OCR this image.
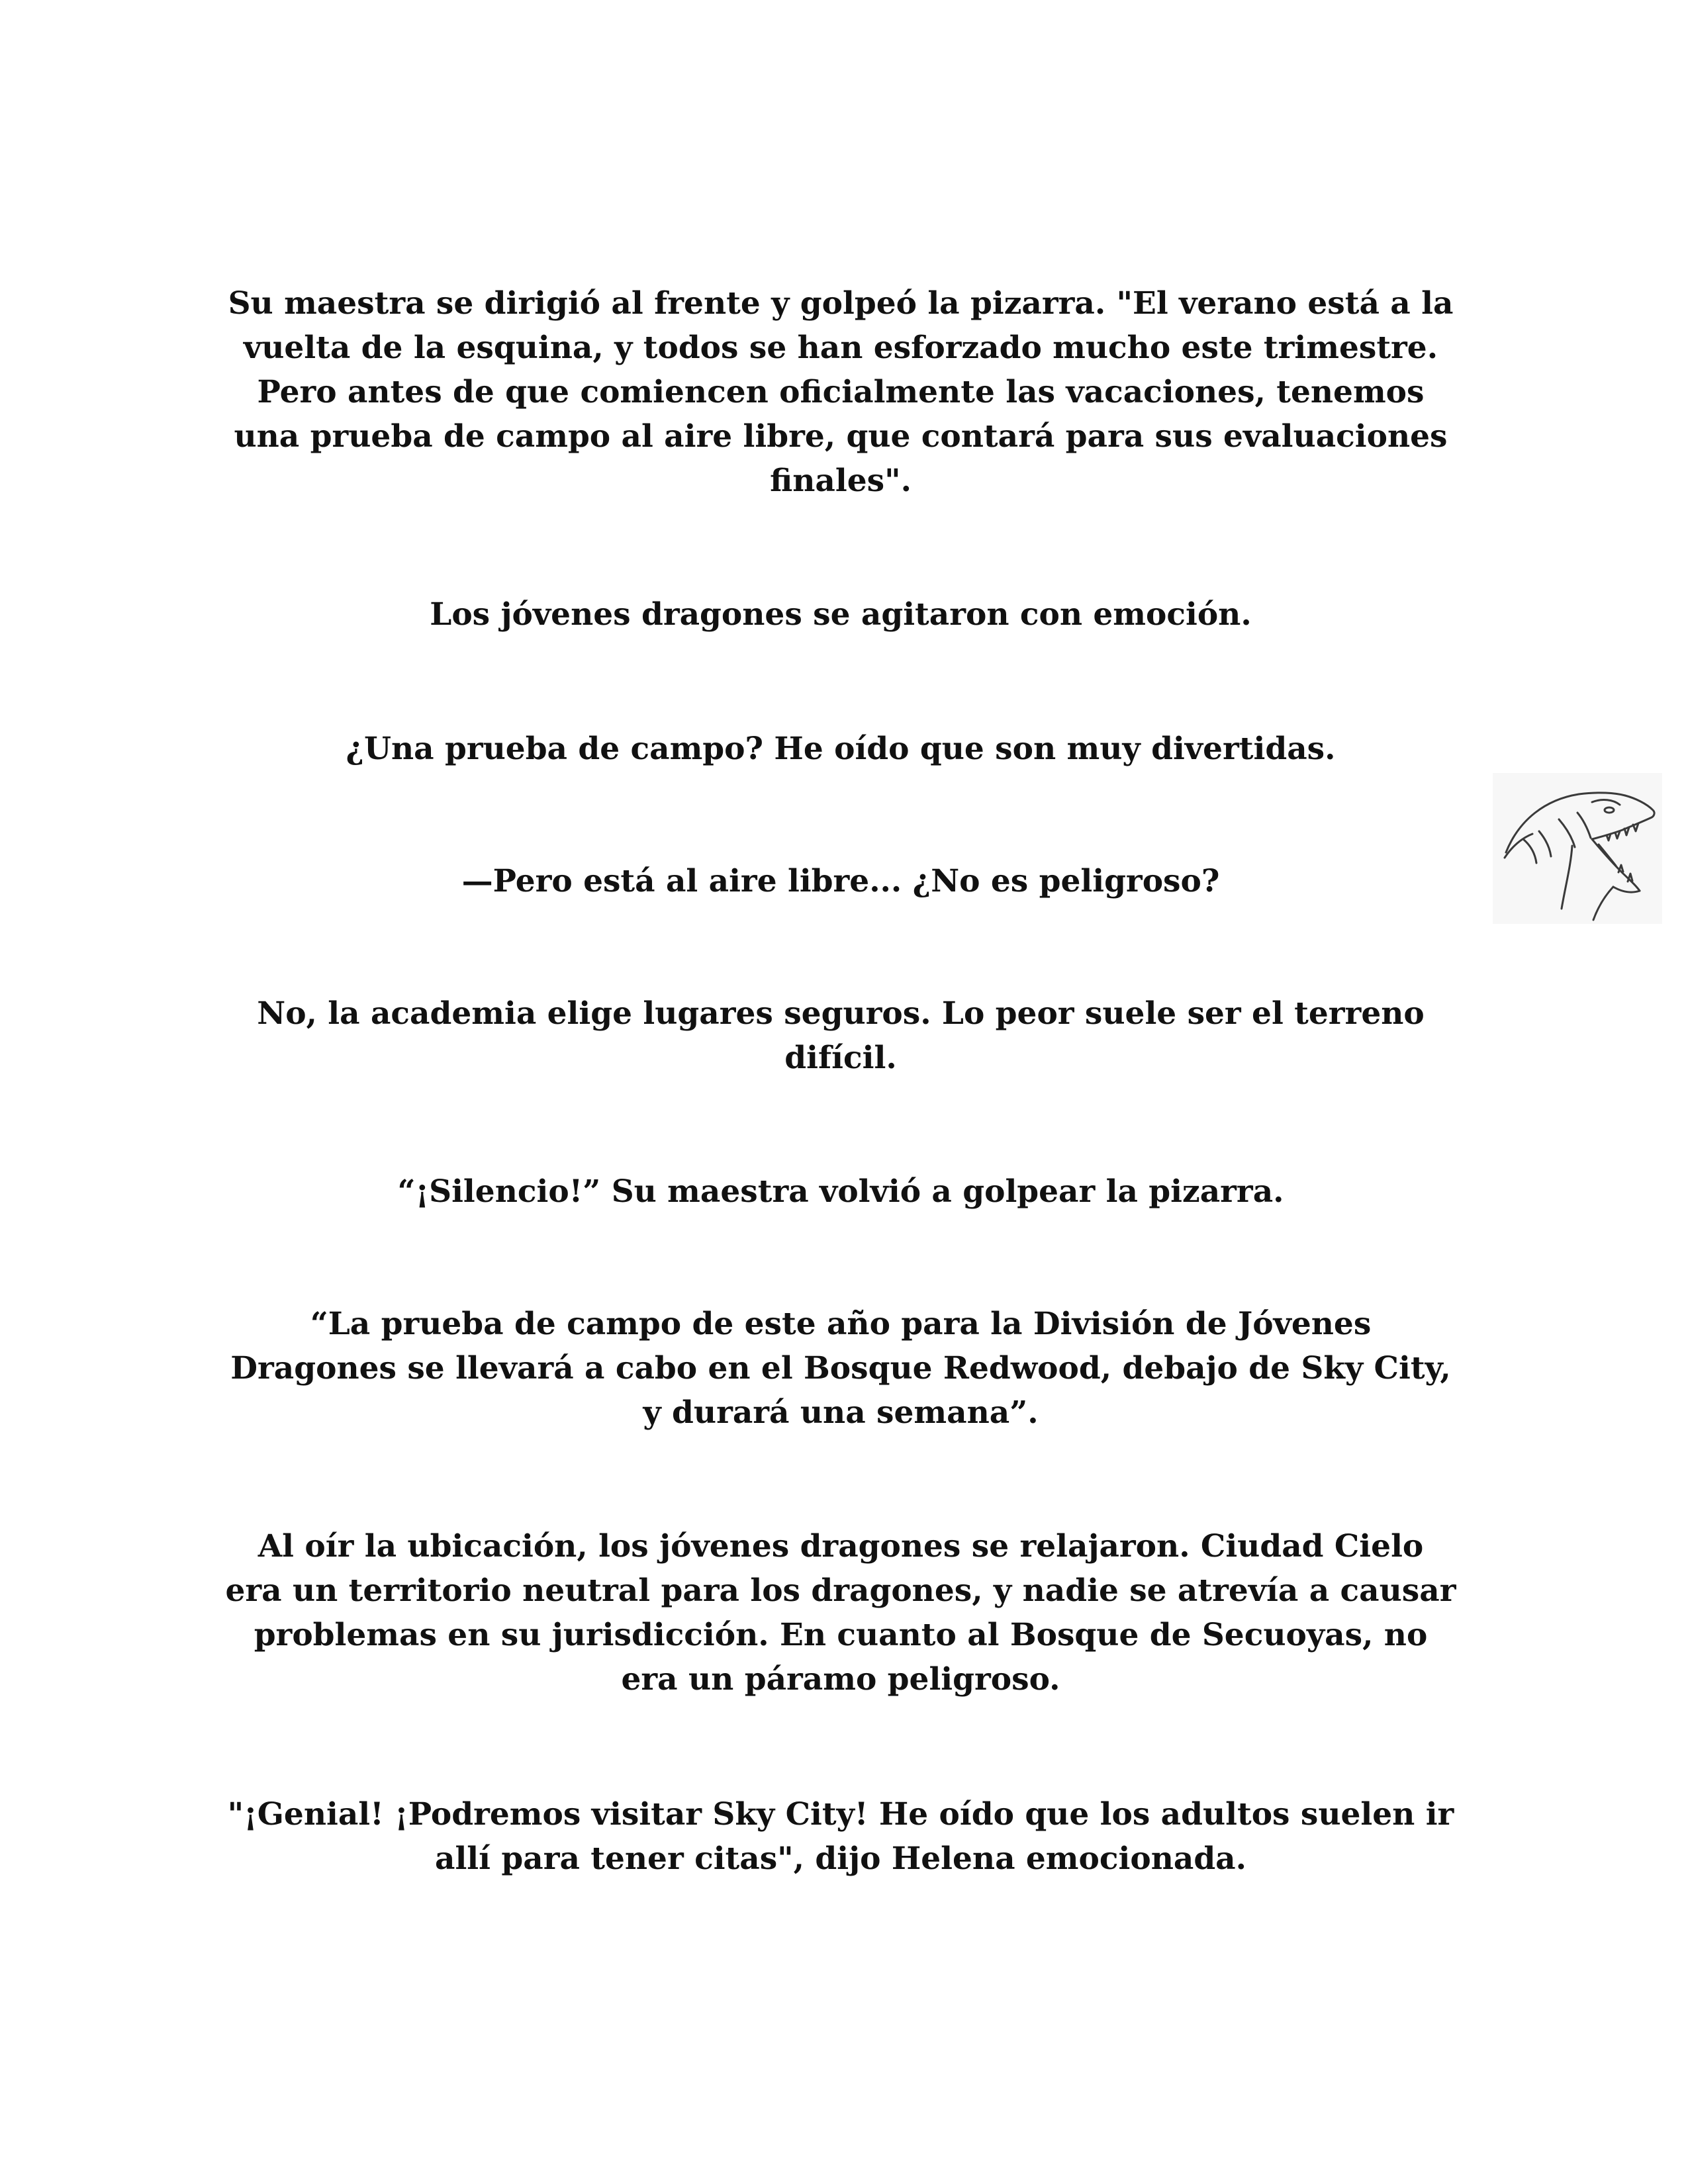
Su maestra se dirigió al frente y golpeó la pizarra. "El verano está a la vuelta de la esquina, y todos se han esforzado mucho este trimestre. Pero antes de que comiencen oficialmente las vacaciones, tenemos una prueba de campo al aire libre, que contará para sus evaluaciones finales".

Los jóvenes dragones se agitaron con emoción.

¿Una prueba de campo? He oído que son muy divertidas.

—Pero está al aire libre... ¿No es peligroso?

No, la academia elige lugares seguros. Lo peor suele ser el terreno difícil.

“¡Silencio!” Su maestra volvió a golpear la pizarra.

“La prueba de campo de este año para la División de Jóvenes Dragones se llevará a cabo en el Bosque Redwood, debajo de Sky City, y durará una semana”.

Al oír la ubicación, los jóvenes dragones se relajaron. Ciudad Cielo era un territorio neutral para los dragones, y nadie se atrevía a causar problemas en su jurisdicción. En cuanto al Bosque de Secuoyas, no era un páramo peligroso.

"¡Genial! ¡Podremos visitar Sky City! He oído que los adultos suelen ir allí para tener citas", dijo Helena emocionada.
